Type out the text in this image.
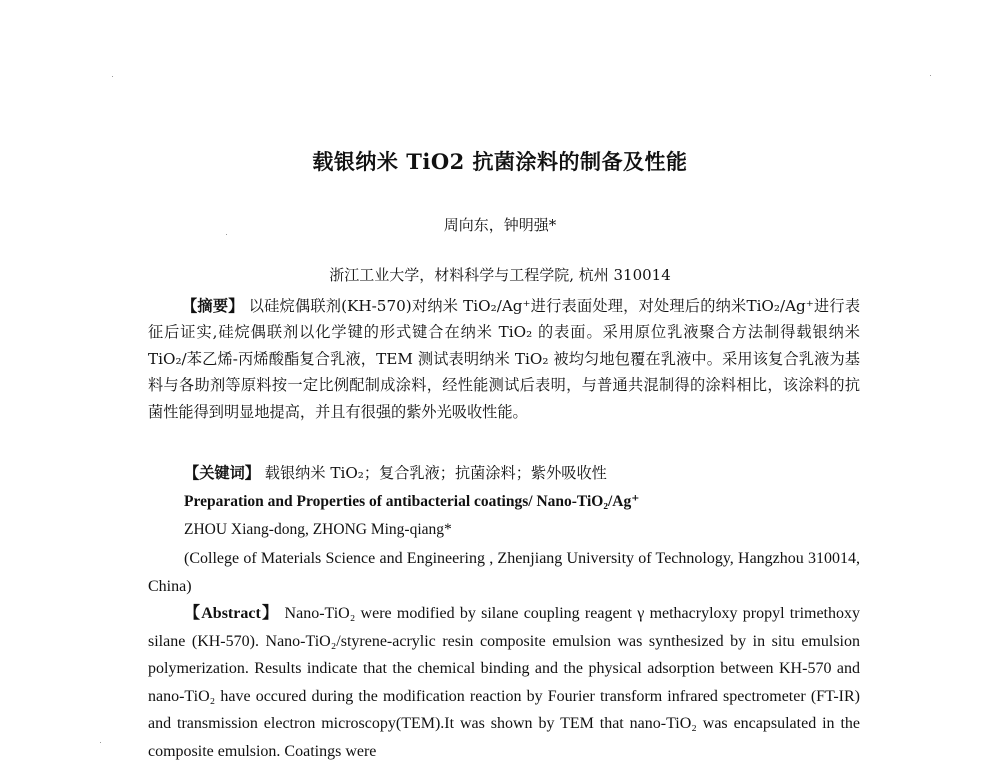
载银纳米 TiO2 抗菌涂料的制备及性能
周向东，钟明强*
浙江工业大学，材料科学与工程学院, 杭州 310014
【摘要】 以硅烷偶联剂(KH-570)对纳米 TiO₂/Ag⁺进行表面处理，对处理后的纳米TiO₂/Ag⁺进行表征后证实,硅烷偶联剂以化学键的形式键合在纳米 TiO₂ 的表面。采用原位乳液聚合方法制得载银纳米 TiO₂/苯乙烯-丙烯酸酯复合乳液，TEM 测试表明纳米 TiO₂ 被均匀地包覆在乳液中。采用该复合乳液为基料与各助剂等原料按一定比例配制成涂料，经性能测试后表明，与普通共混制得的涂料相比，该涂料的抗菌性能得到明显地提高，并且有很强的紫外光吸收性能。
【关键词】 载银纳米 TiO₂；复合乳液；抗菌涂料；紫外吸收性
Preparation and Properties of antibacterial coatings/ Nano-TiO₂/Ag⁺
ZHOU Xiang-dong, ZHONG Ming-qiang*
(College of Materials Science and Engineering , Zhenjiang University of Technology, Hangzhou 310014, China)
【Abstract】 Nano-TiO₂ were modified by silane coupling reagent γ methacryloxy propyl trimethoxy silane (KH-570). Nano-TiO₂/styrene-acrylic resin composite emulsion was synthesized by in situ emulsion polymerization. Results indicate that the chemical binding and the physical adsorption between KH-570 and nano-TiO₂ have occured during the modification reaction by Fourier transform infrared spectrometer (FT-IR) and transmission electron microscopy(TEM).It was shown by TEM that nano-TiO₂ was encapsulated in the composite emulsion. Coatings were
